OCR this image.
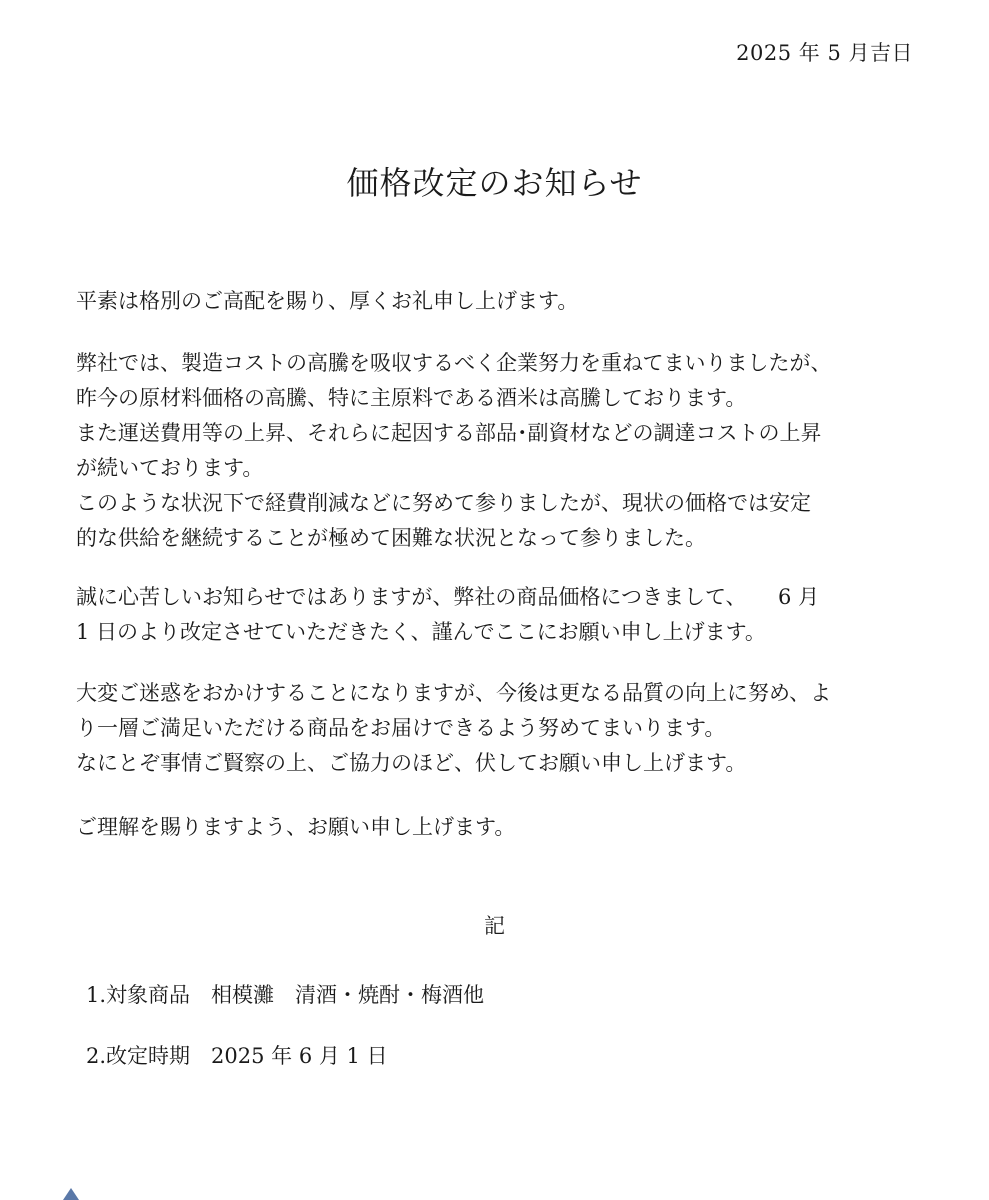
2025 年 5 月吉日
価格改定のお知らせ
平素は格別のご高配を賜り、厚くお礼申し上げます。
弊社では、製造コストの高騰を吸収するべく企業努力を重ねてまいりましたが、
昨今の原材料価格の高騰、特に主原料である酒米は高騰しております。
また運送費用等の上昇、それらに起因する部品･副資材などの調達コストの上昇
が続いております。
このような状況下で経費削減などに努めて参りましたが、現状の価格では安定
的な供給を継続することが極めて困難な状況となって参りました。
誠に心苦しいお知らせではありますが、弊社の商品価格につきまして、　　6 月
1 日のより改定させていただきたく、謹んでここにお願い申し上げます。
大変ご迷惑をおかけすることになりますが、今後は更なる品質の向上に努め、よ
り一層ご満足いただける商品をお届けできるよう努めてまいります。
なにとぞ事情ご賢察の上、ご協力のほど、伏してお願い申し上げます。
ご理解を賜りますよう、お願い申し上げます。
記
1.対象商品　相模灘　清酒・焼酎・梅酒他
2.改定時期　2025 年 6 月 1 日
